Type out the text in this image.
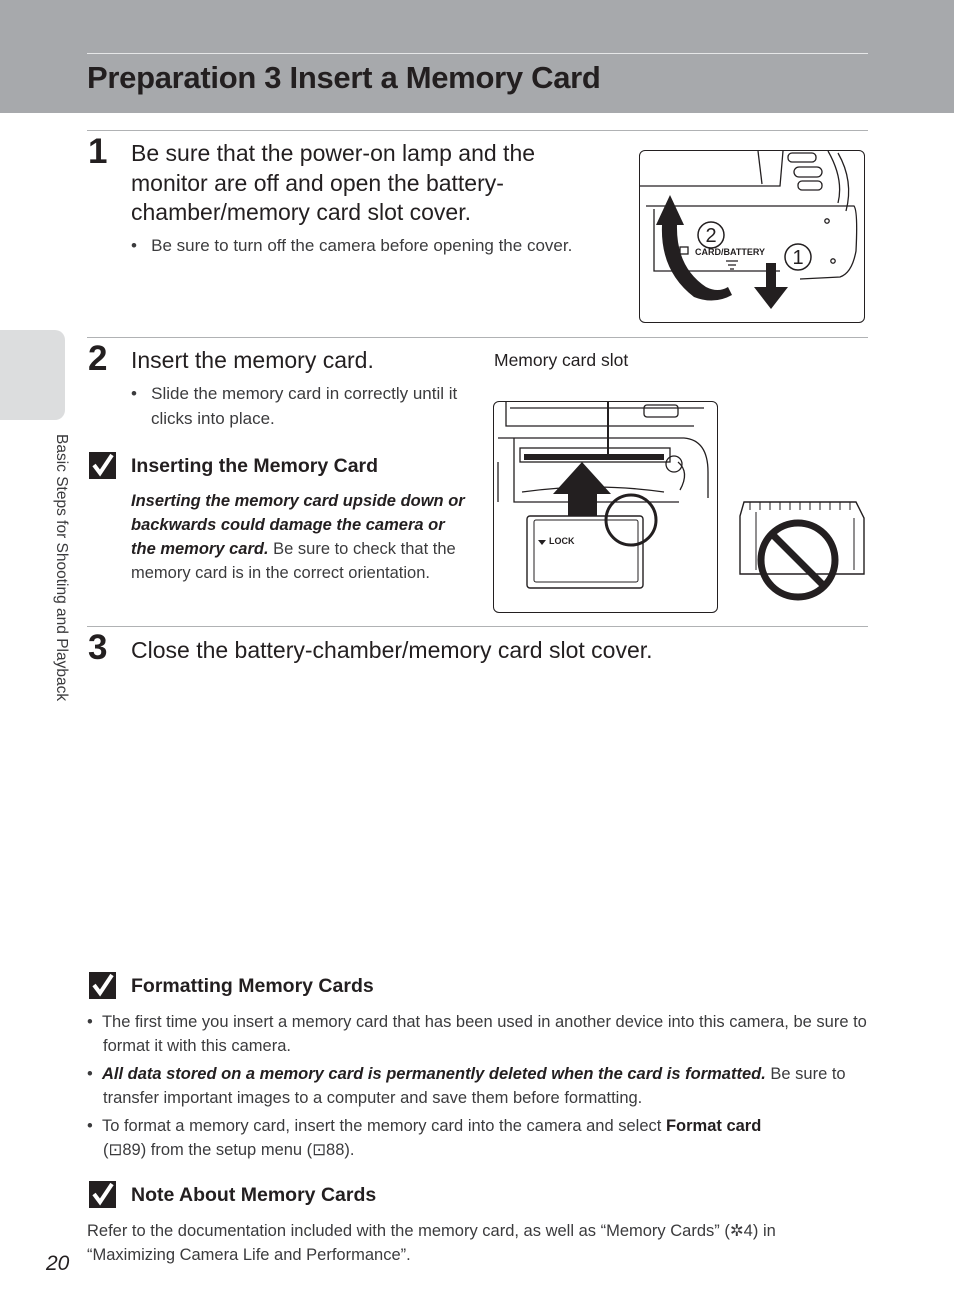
Preparation 3 Insert a Memory Card
Basic Steps for Shooting and Playback
1 Be sure that the power-on lamp and the
monitor are off and open the battery-
chamber/memory card slot cover.
•   Be sure to turn off the camera before opening the cover.	2
1
CARD/BATTERY
2 Insert the memory card.
•   Slide the memory card in correctly until it clicks into place.
Inserting the Memory Card
Inserting the memory card upside down or backwards could damage the camera or the memory card. Be sure to check that the memory card is in the correct orientation.
Memory card slot
LOCK
3 Close the battery-chamber/memory card slot cover.
Formatting Memory Cards
•  The first time you insert a memory card that has been used in another device into this camera, be sure to format it with this camera.
•  All data stored on a memory card is permanently deleted when the card is formatted. Be sure to transfer important images to a computer and save them before formatting.
•  To format a memory card, insert the memory card into the camera and select Format card
(⊡89) from the setup menu (⊡88).
Note About Memory Cards
Refer to the documentation included with the memory card, as well as “Memory Cards” (✲4) in “Maximizing Camera Life and Performance”.
20
